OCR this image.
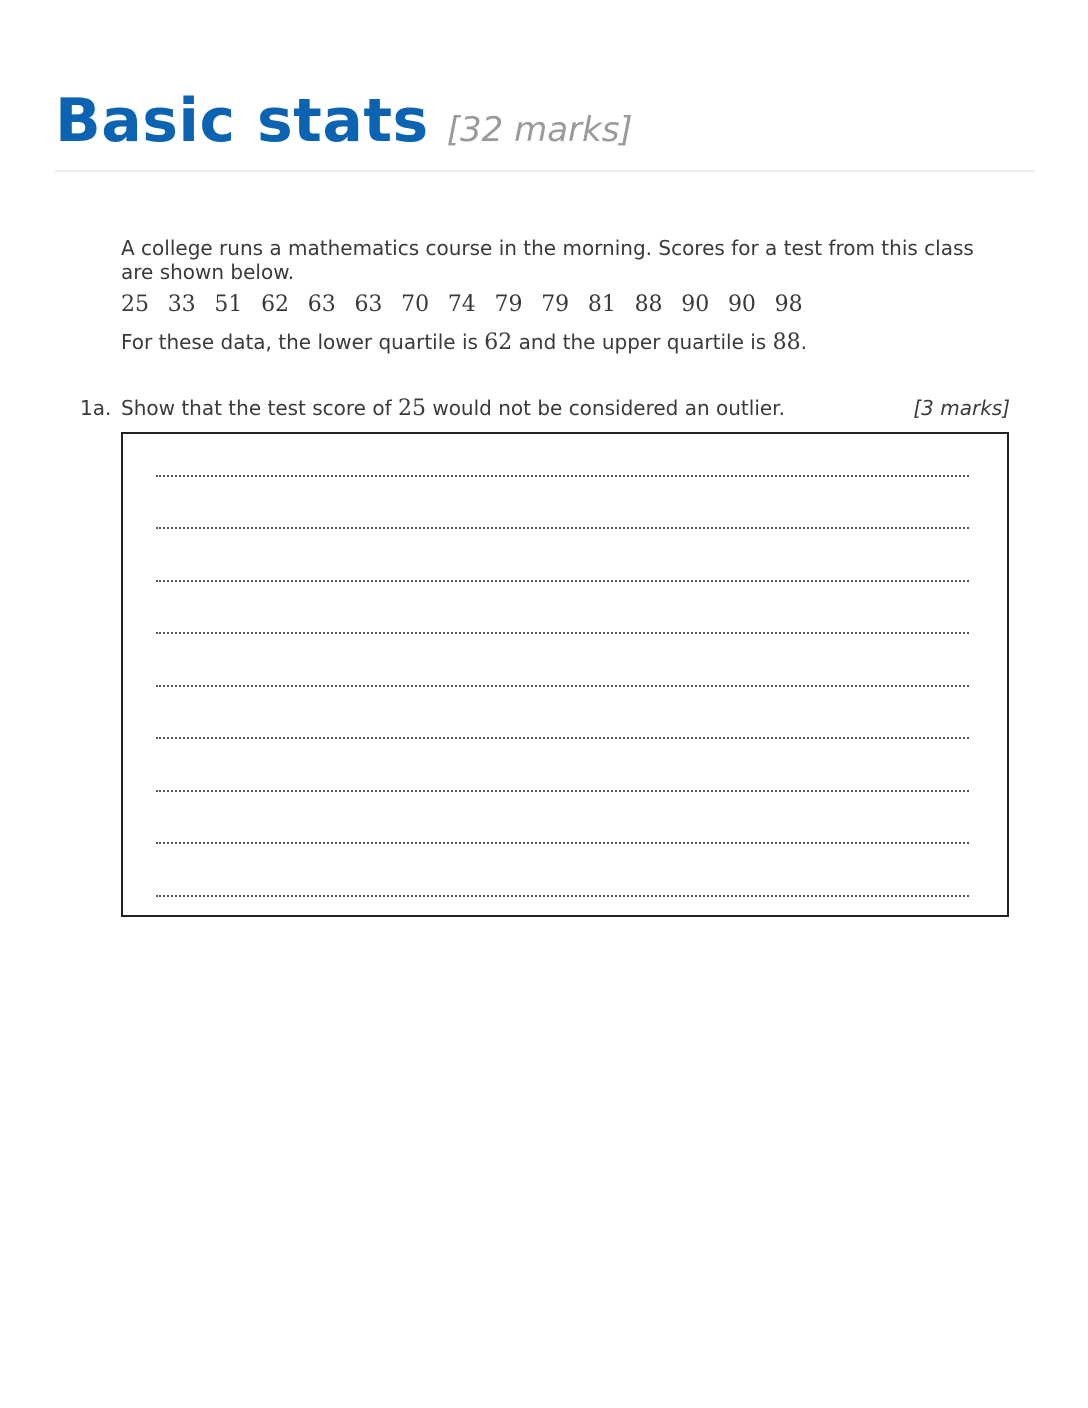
Basic stats [32 marks]
A college runs a mathematics course in the morning. Scores for a test from this class are shown below.
25 33 51 62 63 63 70 74 79 79 81 88 90 90 98
For these data, the lower quartile is 62 and the upper quartile is 88.
1a. Show that the test score of 25 would not be considered an outlier.	[3 marks]
